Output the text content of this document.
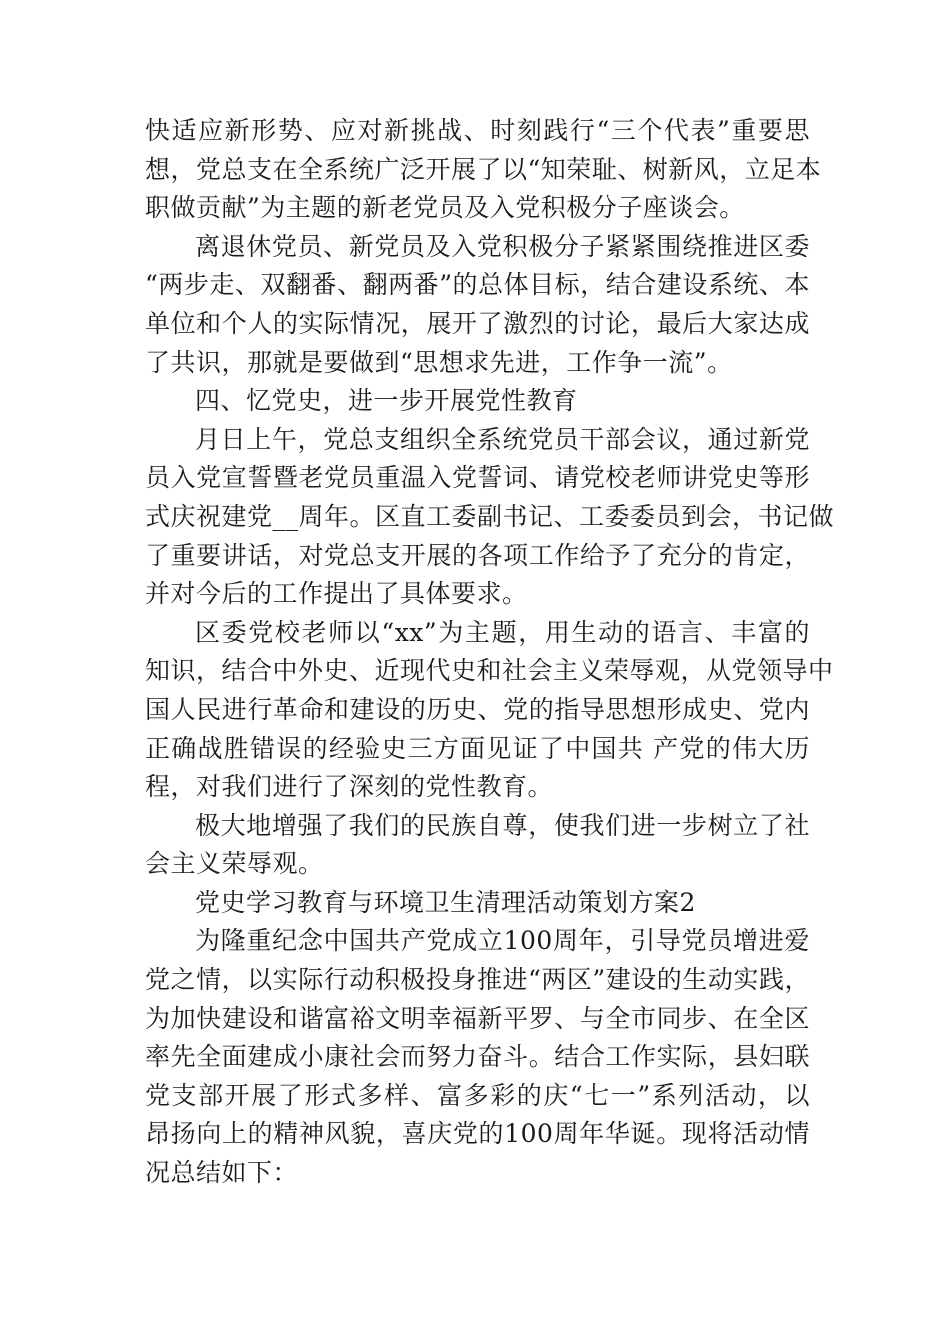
快适应新形势、应对新挑战、时刻践行“三个代表”重要思
想，党总支在全系统广泛开展了以“知荣耻、树新风，立足本
职做贡献”为主题的新老党员及入党积极分子座谈会。
离退休党员、新党员及入党积极分子紧紧围绕推进区委
“两步走、双翻番、翻两番”的总体目标，结合建设系统、本
单位和个人的实际情况，展开了激烈的讨论，最后大家达成
了共识，那就是要做到“思想求先进，工作争一流”。
四、忆党史，进一步开展党性教育
月日上午，党总支组织全系统党员干部会议，通过新党
员入党宣誓暨老党员重温入党誓词、请党校老师讲党史等形
式庆祝建党__周年。区直工委副书记、工委委员到会，书记做
了重要讲话，对党总支开展的各项工作给予了充分的肯定，
并对今后的工作提出了具体要求。
区委党校老师以“xx”为主题，用生动的语言、丰富的
知识，结合中外史、近现代史和社会主义荣辱观，从党领导中
国人民进行革命和建设的历史、党的指导思想形成史、党内
正确战胜错误的经验史三方面见证了中国共 产党的伟大历
程，对我们进行了深刻的党性教育。
极大地增强了我们的民族自尊，使我们进一步树立了社
会主义荣辱观。
党史学习教育与环境卫生清理活动策划方案2
为隆重纪念中国共产党成立100周年，引导党员增进爱
党之情，以实际行动积极投身推进“两区”建设的生动实践，
为加快建设和谐富裕文明幸福新平罗、与全市同步、在全区
率先全面建成小康社会而努力奋斗。结合工作实际，县妇联
党支部开展了形式多样、富多彩的庆“七一”系列活动，以
昂扬向上的精神风貌，喜庆党的100周年华诞。现将活动情
况总结如下：
